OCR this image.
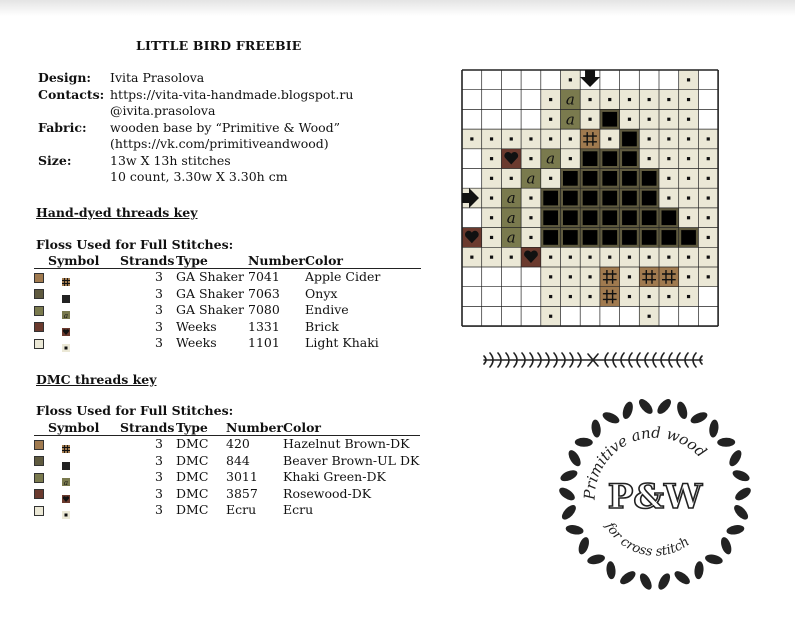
LITTLE BIRD FREEBIE
Design:	Ivita Prasolova
Contacts: https://vita-vita-handmade.blogspot.ru
@ivita.prasolova
Fabric:	wooden base by “Primitive & Wood”
(https://vk.com/primitiveandwood)
Size:	13w X 13h stitches
10 count, 3.30w X 3.30h cm
Hand-dyed threads key
Floss Used for Full Stitches:
Symbol	Strands	Type	Number	Color
	3	GA Shaker	7041	Apple Cider
	3	GA Shaker	7063	Onyx

a	3	GA Shaker	7080	Endive
	3	Weeks	1331	Brick
	3	Weeks	1101	Light Khaki
DMC threads key
Floss Used for Full Stitches:
Symbol	Strands	Type	Number	Color
	3	DMC	420	Hazelnut Brown-DK
	3	DMC	844	Beaver Brown-UL DK

a	3	DMC	3011	Khaki Green-DK
	3	DMC	3857	Rosewood-DK
	3	DMC	Ecru	Ecru
a
a
a
a
a
a
a
Primitive and wood
for cross stitch
P&W
